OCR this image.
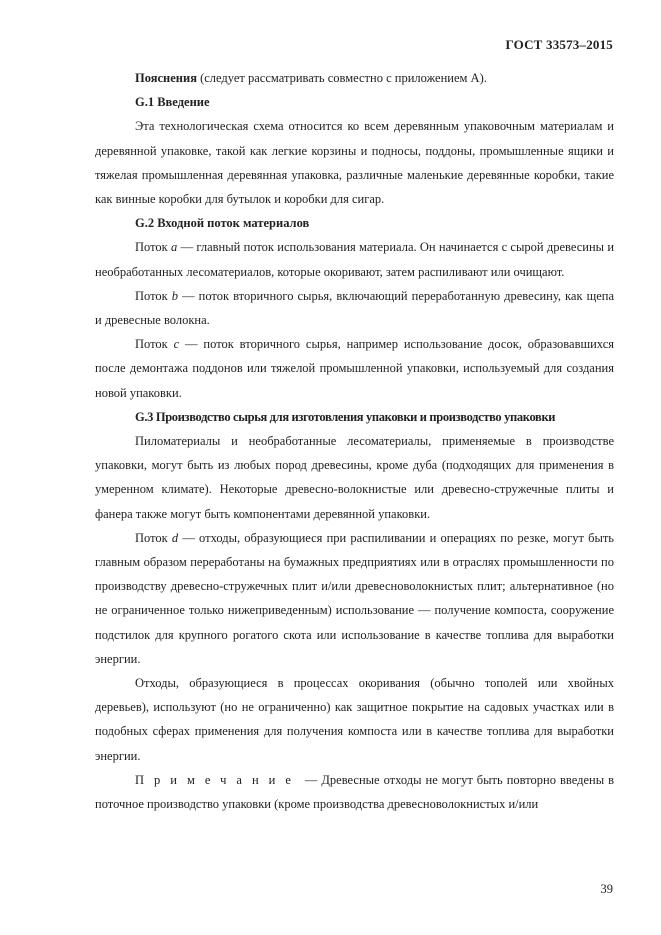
ГОСТ 33573–2015

Пояснения (следует рассматривать совместно с приложением А).

G.1 Введение

Эта технологическая схема относится ко всем деревянным упаковочным материалам и деревянной упаковке, такой как легкие корзины и подносы, поддоны, промышленные ящики и тяжелая промышленная деревянная упаковка, различные маленькие деревянные коробки, такие как винные коробки для бутылок и коробки для сигар.

G.2 Входной поток материалов

Поток a — главный поток использования материала. Он начинается с сырой древесины и необработанных лесоматериалов, которые окоривают, затем распиливают или очищают.

Поток b — поток вторичного сырья, включающий переработанную древесину, как щепа и древесные волокна.

Поток c — поток вторичного сырья, например использование досок, образовавшихся после демонтажа поддонов или тяжелой промышленной упаковки, используемый для создания новой упаковки.

G.3 Производство сырья для изготовления упаковки и производство упаковки

Пиломатериалы и необработанные лесоматериалы, применяемые в производстве упаковки, могут быть из любых пород древесины, кроме дуба (подходящих для применения в умеренном климате). Некоторые древесно-волокнистые или древесно-стружечные плиты и фанера также могут быть компонентами деревянной упаковки.

Поток d — отходы, образующиеся при распиливании и операциях по резке, могут быть главным образом переработаны на бумажных предприятиях или в отраслях промышленности по производству древесно-стружечных плит и/или древесноволокнистых плит; альтернативное (но не ограниченное только нижеприведенным) использование — получение компоста, сооружение подстилок для крупного рогатого скота или использование в качестве топлива для выработки энергии.

Отходы, образующиеся в процессах окоривания (обычно тополей или хвойных деревьев), используют (но не ограниченно) как защитное покрытие на садовых участках или в подобных сферах применения для получения компоста или в качестве топлива для выработки энергии.

Примечание — Древесные отходы не могут быть повторно введены в поточное производство упаковки (кроме производства древесноволокнистых и/или

39
